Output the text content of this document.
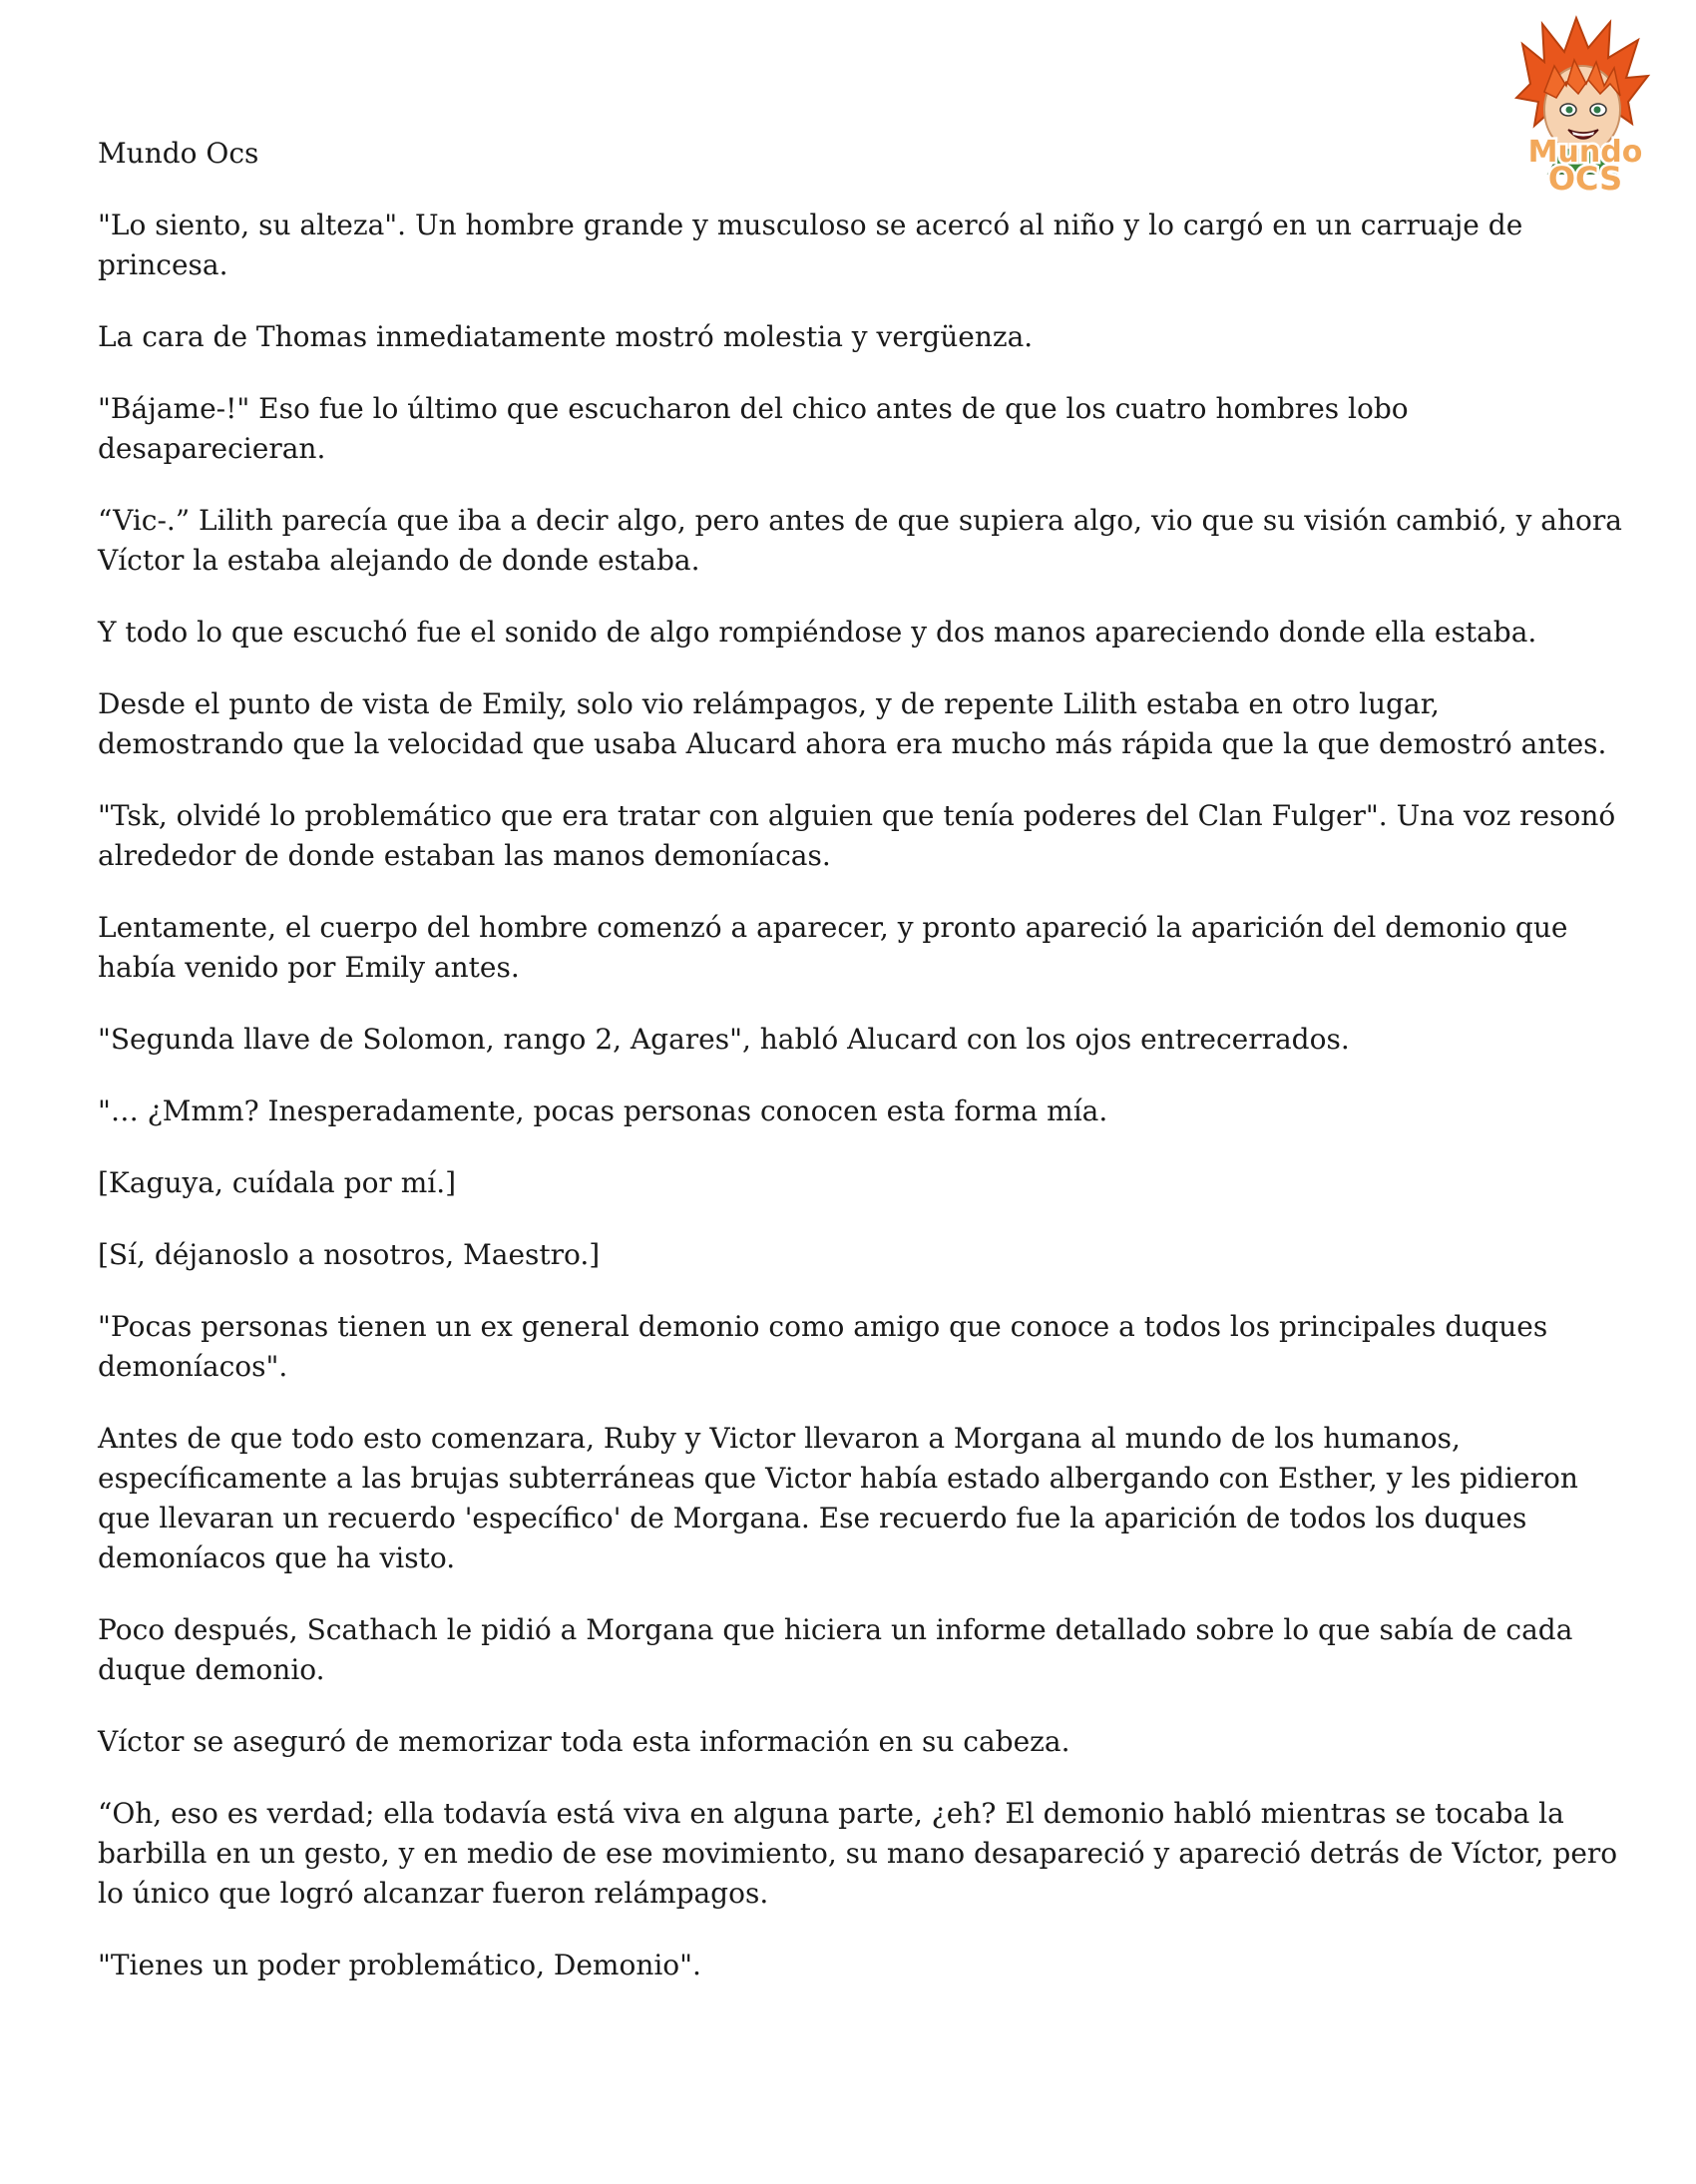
Mundo
OCS
Mundo Ocs

"Lo siento, su alteza". Un hombre grande y musculoso se acercó al niño y lo cargó en un carruaje de princesa.

La cara de Thomas inmediatamente mostró molestia y vergüenza.

"Bájame-!" Eso fue lo último que escucharon del chico antes de que los cuatro hombres lobo desaparecieran.

“Vic-.” Lilith parecía que iba a decir algo, pero antes de que supiera algo, vio que su visión cambió, y ahora Víctor la estaba alejando de donde estaba.

Y todo lo que escuchó fue el sonido de algo rompiéndose y dos manos apareciendo donde ella estaba.

Desde el punto de vista de Emily, solo vio relámpagos, y de repente Lilith estaba en otro lugar, demostrando que la velocidad que usaba Alucard ahora era mucho más rápida que la que demostró antes.

"Tsk, olvidé lo problemático que era tratar con alguien que tenía poderes del Clan Fulger". Una voz resonó alrededor de donde estaban las manos demoníacas.

Lentamente, el cuerpo del hombre comenzó a aparecer, y pronto apareció la aparición del demonio que había venido por Emily antes.

"Segunda llave de Solomon, rango 2, Agares", habló Alucard con los ojos entrecerrados.

"… ¿Mmm? Inesperadamente, pocas personas conocen esta forma mía.

[Kaguya, cuídala por mí.]

[Sí, déjanoslo a nosotros, Maestro.]

"Pocas personas tienen un ex general demonio como amigo que conoce a todos los principales duques demoníacos".

Antes de que todo esto comenzara, Ruby y Victor llevaron a Morgana al mundo de los humanos, específicamente a las brujas subterráneas que Victor había estado albergando con Esther, y les pidieron que llevaran un recuerdo 'específico' de Morgana. Ese recuerdo fue la aparición de todos los duques demoníacos que ha visto.

Poco después, Scathach le pidió a Morgana que hiciera un informe detallado sobre lo que sabía de cada duque demonio.

Víctor se aseguró de memorizar toda esta información en su cabeza.

“Oh, eso es verdad; ella todavía está viva en alguna parte, ¿eh? El demonio habló mientras se tocaba la barbilla en un gesto, y en medio de ese movimiento, su mano desapareció y apareció detrás de Víctor, pero lo único que logró alcanzar fueron relámpagos.

"Tienes un poder problemático, Demonio".
